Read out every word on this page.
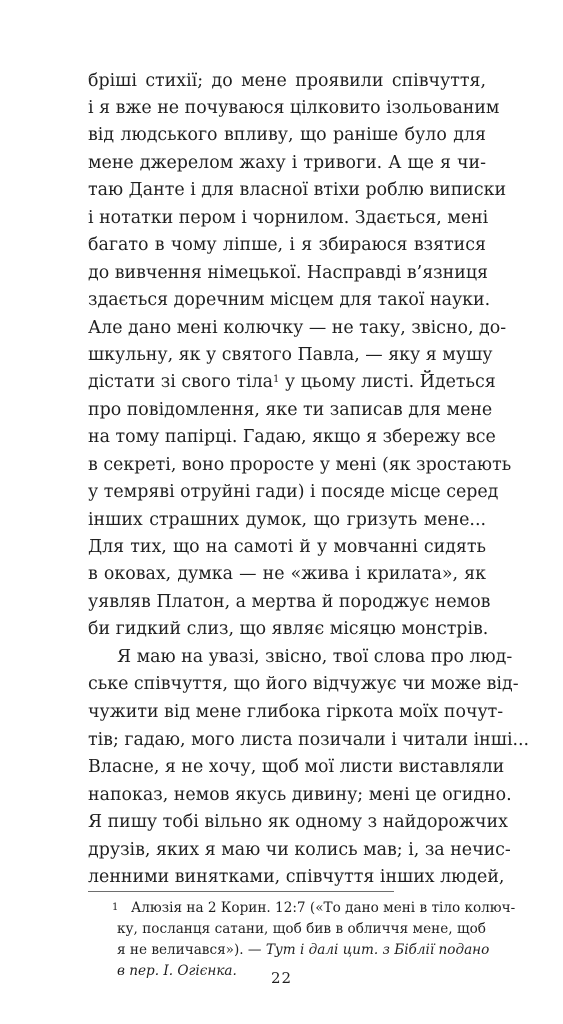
бріші стихії; до мене проявили співчуття,
і я вже не почуваюся цілковито ізольованим
від людського впливу, що раніше було для
мене джерелом жаху і тривоги. А ще я чи-
таю Данте і для власної втіхи роблю виписки
і нотатки пером і чорнилом. Здається, мені
багато в чому ліпше, і я збираюся взятися
до вивчення німецької. Насправді в’язниця
здається доречним місцем для такої науки.
Але дано мені колючку — не таку, звісно, до-
шкульну, як у святого Павла, — яку я мушу
дістати зі свого тіла$^1$ у цьому листі. Йдеться
про повідомлення, яке ти записав для мене
на тому папірці. Гадаю, якщо я збережу все
в секреті, воно проросте у мені (як зростають
у темряві отруйні гади) і посяде місце серед
інших страшних думок, що гризуть мене...
Для тих, що на самоті й у мовчанні сидять
в оковах, думка — не «жива і крилата», як
уявляв Платон, а мертва й породжує немов
би гидкий слиз, що являє місяцю монстрів.
Я маю на увазі, звісно, твої слова про люд-
ське співчуття, що його відчужує чи може від-
чужити від мене глибока гіркота моїх почут-
тів; гадаю, мого листа позичали і читали інші...
Власне, я не хочу, щоб мої листи виставляли
напоказ, немов якусь дивину; мені це огидно.
Я пишу тобі вільно як одному з найдорожчих
друзів, яких я маю чи колись мав; і, за нечис-
ленними винятками, співчуття інших людей,
1 Алюзія на 2 Корин. 12:7 («То дано мені в тіло колюч-
ку, посланця сатани, щоб бив в обличчя мене, щоб
я не величався»). — Тут і далі цит. з Біблії подано
в пер. І. Огієнка.	22
